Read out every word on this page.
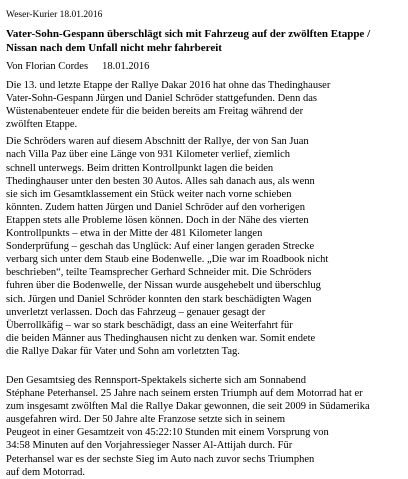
Weser-Kurier 18.01.2016
Vater-Sohn-Gespann überschlägt sich mit Fahrzeug auf der zwölften Etappe /
Nissan nach dem Unfall nicht mehr fahrbereit
Von Florian Cordes 18.01.2016
Die 13. und letzte Etappe der Rallye Dakar 2016 hat ohne das Thedinghauser
Vater-Sohn-Gespann Jürgen und Daniel Schröder stattgefunden. Denn das
Wüstenabenteuer endete für die beiden bereits am Freitag während der
zwölften Etappe.
Die Schröders waren auf diesem Abschnitt der Rallye, der von San Juan
nach Villa Paz über eine Länge von 931 Kilometer verlief, ziemlich
schnell unterwegs. Beim dritten Kontrollpunkt lagen die beiden
Thedinghauser unter den besten 30 Autos. Alles sah danach aus, als wenn
sie sich im Gesamtklassement ein Stück weiter nach vorne schieben
könnten. Zudem hatten Jürgen und Daniel Schröder auf den vorherigen
Etappen stets alle Probleme lösen können. Doch in der Nähe des vierten
Kontrollpunkts – etwa in der Mitte der 481 Kilometer langen
Sonderprüfung – geschah das Unglück: Auf einer langen geraden Strecke
verbarg sich unter dem Staub eine Bodenwelle. „Die war im Roadbook nicht
beschrieben“, teilte Teamsprecher Gerhard Schneider mit. Die Schröders
fuhren über die Bodenwelle, der Nissan wurde ausgehebelt und überschlug
sich. Jürgen und Daniel Schröder konnten den stark beschädigten Wagen
unverletzt verlassen. Doch das Fahrzeug – genauer gesagt der
Überrollkäfig – war so stark beschädigt, dass an eine Weiterfahrt für
die beiden Männer aus Thedinghausen nicht zu denken war. Somit endete
die Rallye Dakar für Vater und Sohn am vorletzten Tag.
Den Gesamtsieg des Rennsport-Spektakels sicherte sich am Sonnabend
Stéphane Peterhansel. 25 Jahre nach seinem ersten Triumph auf dem Motorrad hat er
zum insgesamt zwölften Mal die Rallye Dakar gewonnen, die seit 2009 in Südamerika
ausgefahren wird. Der 50 Jahre alte Franzose setzte sich in seinem
Peugeot in einer Gesamtzeit von 45:22:10 Stunden mit einem Vorsprung von
34:58 Minuten auf den Vorjahressieger Nasser Al-Attijah durch. Für
Peterhansel war es der sechste Sieg im Auto nach zuvor sechs Triumphen
auf dem Motorrad.
